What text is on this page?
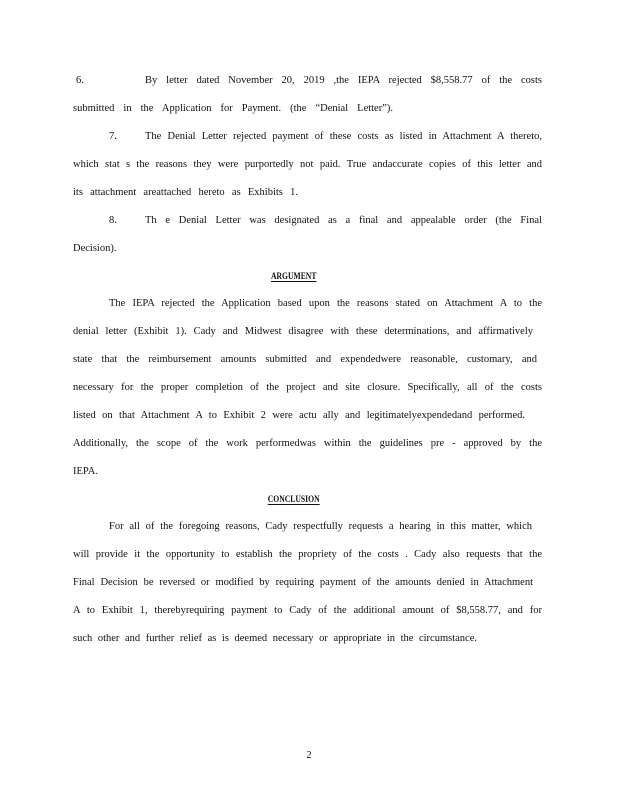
6.	By letter dated November 20, 2019 ,the IEPA rejected $8,558.77 of the costs
submitted in the Application for Payment. (the “Denial Letter”).
7.	The Denial Letter rejected payment of these costs as listed in Attachment A thereto,
which stat s the reasons they were purportedly not paid. True andaccurate copies of this letter and
its attachment areattached hereto as Exhibits 1.
8.	Th e Denial Letter was designated as a final and appealable order (the Final
Decision).
ARGUMENT
The IEPA rejected the Application based upon the reasons stated on Attachment A to the
denial letter (Exhibit 1). Cady and Midwest disagree with these determinations, and affirmatively
state that the reimbursement amounts submitted and expendedwere reasonable, customary, and
necessary for the proper completion of the project and site closure. Specifically, all of the costs
listed on that Attachment A to Exhibit 2 were actu ally and legitimatelyexpendedand performed.
Additionally, the scope of the work performedwas within the guidelines pre - approved by the
IEPA.
CONCLUSION
For all of the foregoing reasons, Cady respectfully requests a hearing in this matter, which
will provide it the opportunity to establish the propriety of the costs . Cady also requests that the
Final Decision be reversed or modified by requiring payment of the amounts denied in Attachment
A to Exhibit 1, therebyrequiring payment to Cady of the additional amount of $8,558.77, and for
such other and further relief as is deemed necessary or appropriate in the circumstance.
2
